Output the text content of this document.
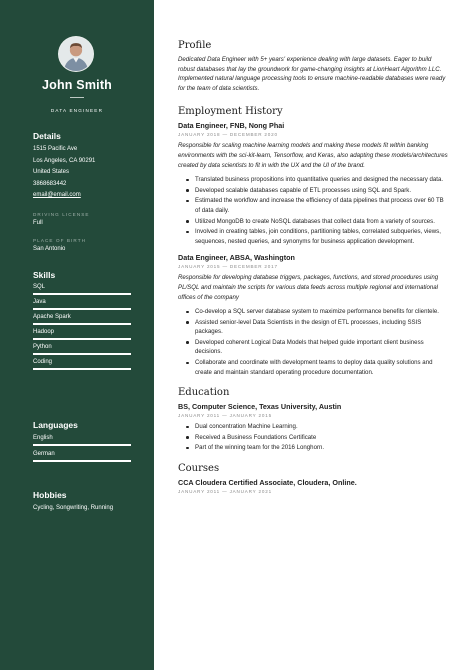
John Smith
DATA ENGINEER
Details
1515 Pacific Ave
Los Angeles, CA 90291
United States
3868683442
email@email.com
DRIVING LICENSE
Full
PLACE OF BIRTH
San Antonio
Skills
SQL
Java
Apache Spark
Hadoop
Python
Coding
Languages
English
German
Hobbies
Cycling, Songwriting, Running
Profile
Dedicated Data Engineer with 5+ years' experience dealing with large datasets. Eager to build robust databases that lay the groundwork for game-changing insights at LionHeart Algorithm LLC. Implemented natural language processing tools to ensure machine-readable databases were ready for the team of data scientists.
Employment History
Data Engineer, FNB, Nong Phai
JANUARY 2018 — DECEMBER 2020
Responsible for scaling machine learning models and making these models fit within banking environments with the sci-kit-learn, Tensorflow, and Keras, also adapting these models/architectures created by data scientists to fit in with the UX and the UI of the brand.
Translated business propositions into quantitative queries and designed the necessary data.
Developed scalable databases capable of ETL processes using SQL and Spark.
Estimated the workflow and increase the efficiency of data pipelines that process over 60 TB of data daily.
Utilized MongoDB to create NoSQL databases that collect data from a variety of sources.
Involved in creating tables, join conditions, partitioning tables, correlated subqueries, views, sequences, nested queries, and synonyms for business application development.
Data Engineer, ABSA, Washington
JANUARY 2015 — DECEMBER 2017
Responsible for developing database triggers, packages, functions, and stored procedures using PL/SQL and maintain the scripts for various data feeds across multiple regional and international offices of the company
Co-develop a SQL server database system to maximize performance benefits for clientele.
Assisted senior-level Data Scientists in the design of ETL processes, including SSIS packages.
Developed coherent Logical Data Models that helped guide important client business decisions.
Collaborate and coordinate with development teams to deploy data quality solutions and create and maintain standard operating procedure documentation.
Education
BS, Computer Science, Texas University, Austin
JANUARY 2011 — JANUARY 2015
Dual concentration Machine Learning.
Received a Business Foundations Certificate
Part of the winning team for the 2016 Longhorn.
Courses
CCA Cloudera Certified Associate, Cloudera, Online.
JANUARY 2011 — JANUARY 2021
